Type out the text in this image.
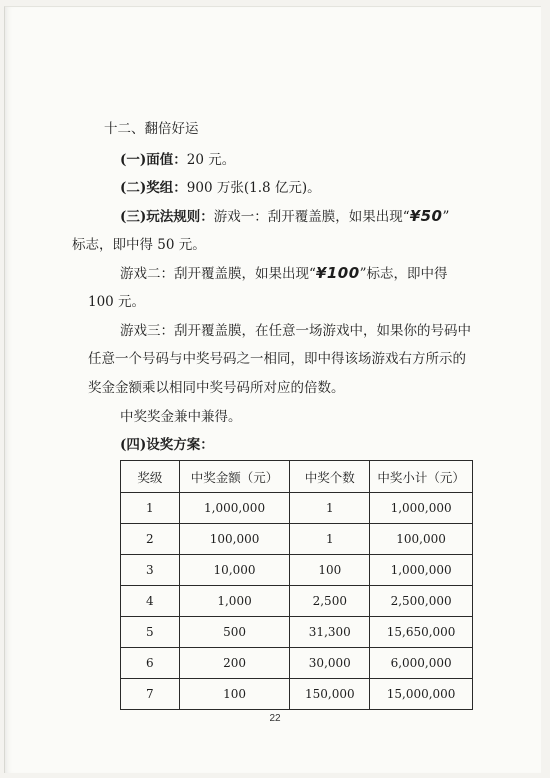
十二、翻倍好运
(一)面值：20 元。
(二)奖组：900 万张(1.8 亿元)。
(三)玩法规则：游戏一：刮开覆盖膜，如果出现“¥50”
标志，即中得 50 元。
游戏二：刮开覆盖膜，如果出现“¥100”标志，即中得
100 元。
游戏三：刮开覆盖膜，在任意一场游戏中，如果你的号码中
任意一个号码与中奖号码之一相同，即中得该场游戏右方所示的
奖金金额乘以相同中奖号码所对应的倍数。
中奖奖金兼中兼得。
(四)设奖方案：
奖级	中奖金额（元）	中奖个数	中奖小计（元）
1	1,000,000	1	1,000,000
2	100,000	1	100,000
3	10,000	100	1,000,000
4	1,000	2,500	2,500,000
5	500	31,300	15,650,000
6	200	30,000	6,000,000
7	100	150,000	15,000,000
22
